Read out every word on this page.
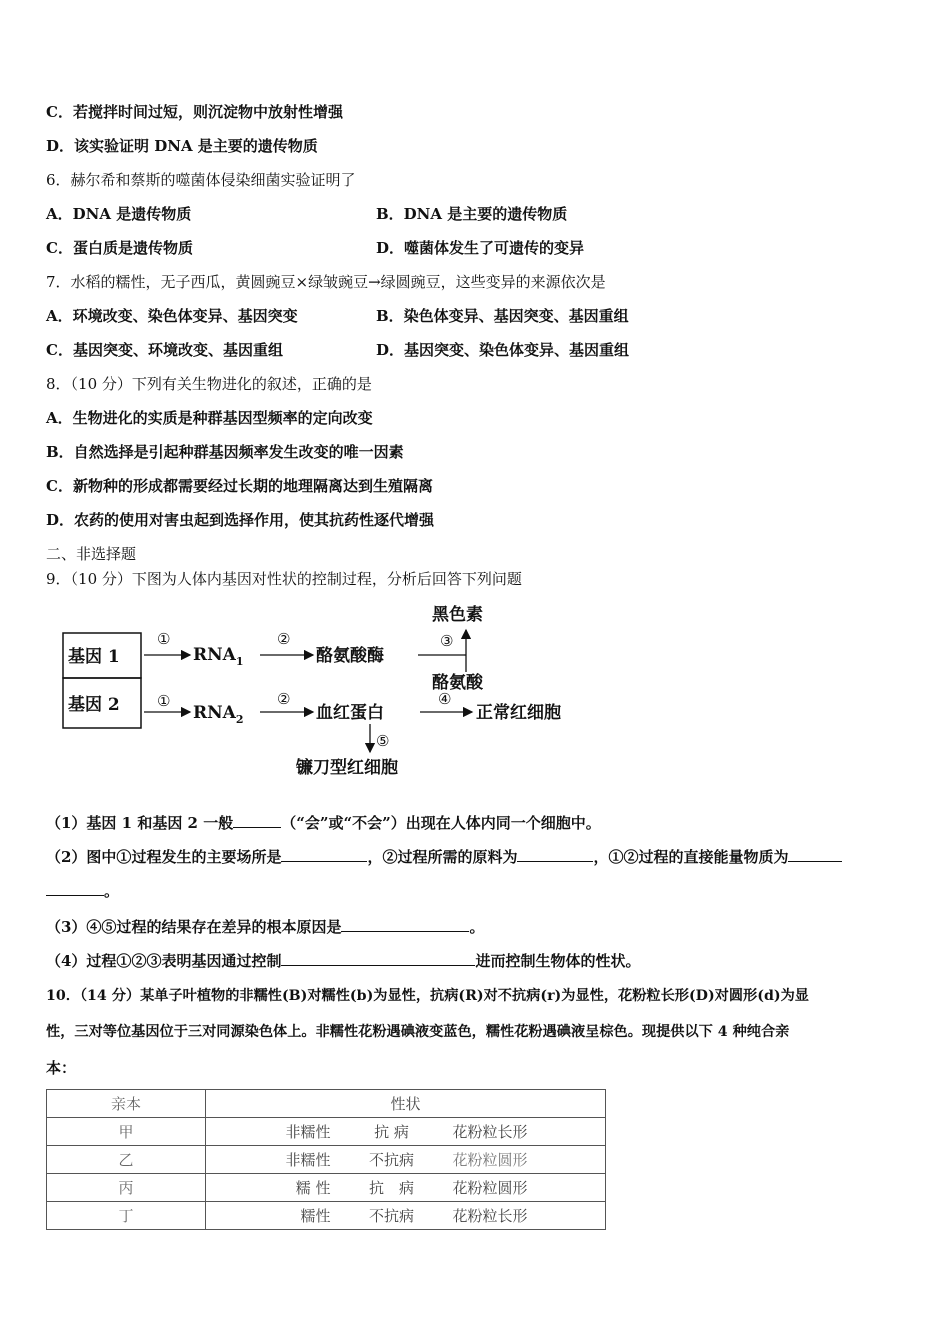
C．若搅拌时间过短，则沉淀物中放射性增强
D．该实验证明 DNA 是主要的遗传物质
6．赫尔希和蔡斯的噬菌体侵染细菌实验证明了
A．DNA 是遗传物质	B．DNA 是主要的遗传物质
C．蛋白质是遗传物质	D．噬菌体发生了可遗传的变异
7．水稻的糯性，无子西瓜，黄圆豌豆×绿皱豌豆→绿圆豌豆，这些变异的来源依次是
A．环境改变、染色体变异、基因突变	B．染色体变异、基因突变、基因重组
C．基因突变、环境改变、基因重组	D．基因突变、染色体变异、基因重组
8．（10 分）下列有关生物进化的叙述，正确的是
A．生物进化的实质是种群基因型频率的定向改变
B．自然选择是引起种群基因频率发生改变的唯一因素
C．新物种的形成都需要经过长期的地理隔离达到生殖隔离
D．农药的使用对害虫起到选择作用，使其抗药性逐代增强
二、非选择题
9．（10 分）下图为人体内基因对性状的控制过程，分析后回答下列问题
基因 1
基因 2
①
$RNA_1$
②
酪氨酸酶
③
黑色素
酪氨酸
①
$RNA_2$
②
血红蛋白
④
正常红细胞
⑤
镰刀型红细胞
（1）基因 1 和基因 2 一般	（“会”或“不会”）出现在人体内同一个细胞中。
（2）图中①过程发生的主要场所是	，②过程所需的原料为	，①②过程的直接能量物质为
。
（3）④⑤过程的结果存在差异的根本原因是	。
（4）过程①②③表明基因通过控制	进而控制生物体的性状。
10．（14 分）某单子叶植物的非糯性(B)对糯性(b)为显性，抗病(R)对不抗病(r)为显性，花粉粒长形(D)对圆形(d)为显
性，三对等位基因位于三对同源染色体上。非糯性花粉遇碘液变蓝色，糯性花粉遇碘液呈棕色。现提供以下 4 种纯合亲
本：
亲本	性状
甲	非糯性 抗 病 花粉粒长形

乙	非糯性 不抗病 花粉粒圆形

丙	糯 性 抗　病 花粉粒圆形

丁	糯性 不抗病 花粉粒长形
